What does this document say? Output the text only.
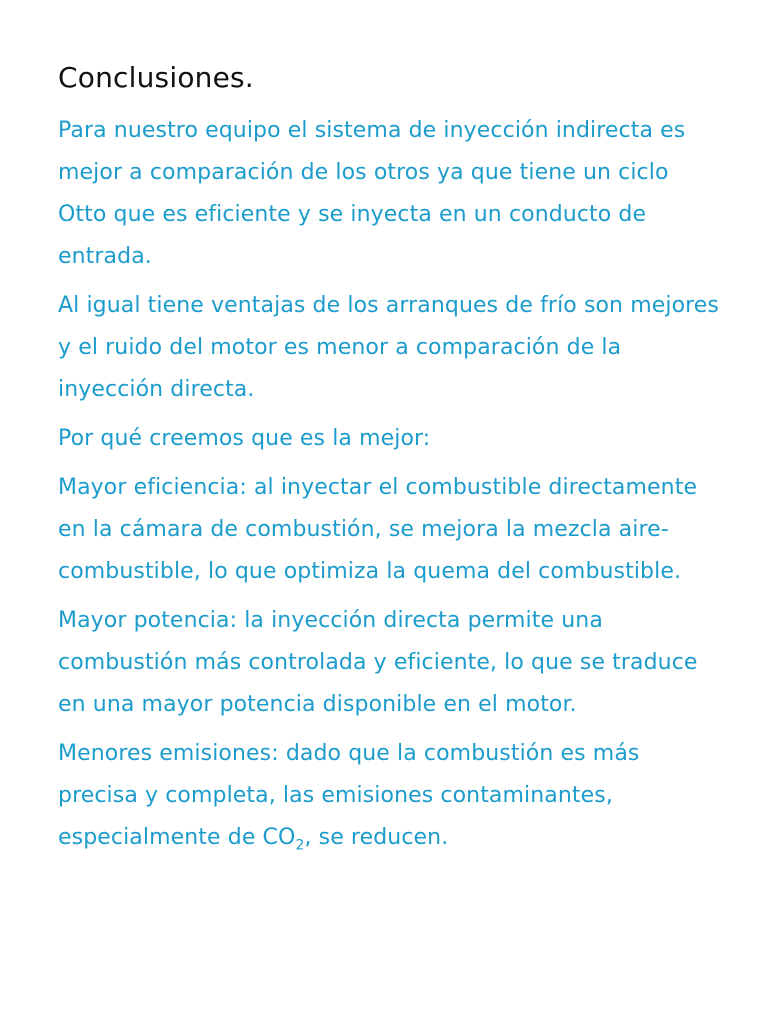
Conclusiones.

Para nuestro equipo el sistema de inyección indirecta es mejor a comparación de los otros ya que tiene un ciclo Otto que es eficiente y se inyecta en un conducto de entrada.

Al igual tiene ventajas de los arranques de frío son mejores y el ruido del motor es menor a comparación de la inyección directa.

Por qué creemos que es la mejor:

Mayor eficiencia: al inyectar el combustible directamente en la cámara de combustión, se mejora la mezcla aire-combustible, lo que optimiza la quema del combustible.

Mayor potencia: la inyección directa permite una combustión más controlada y eficiente, lo que se traduce en una mayor potencia disponible en el motor.

Menores emisiones: dado que la combustión es más precisa y completa, las emisiones contaminantes, especialmente de $CO_2$, se reducen.
